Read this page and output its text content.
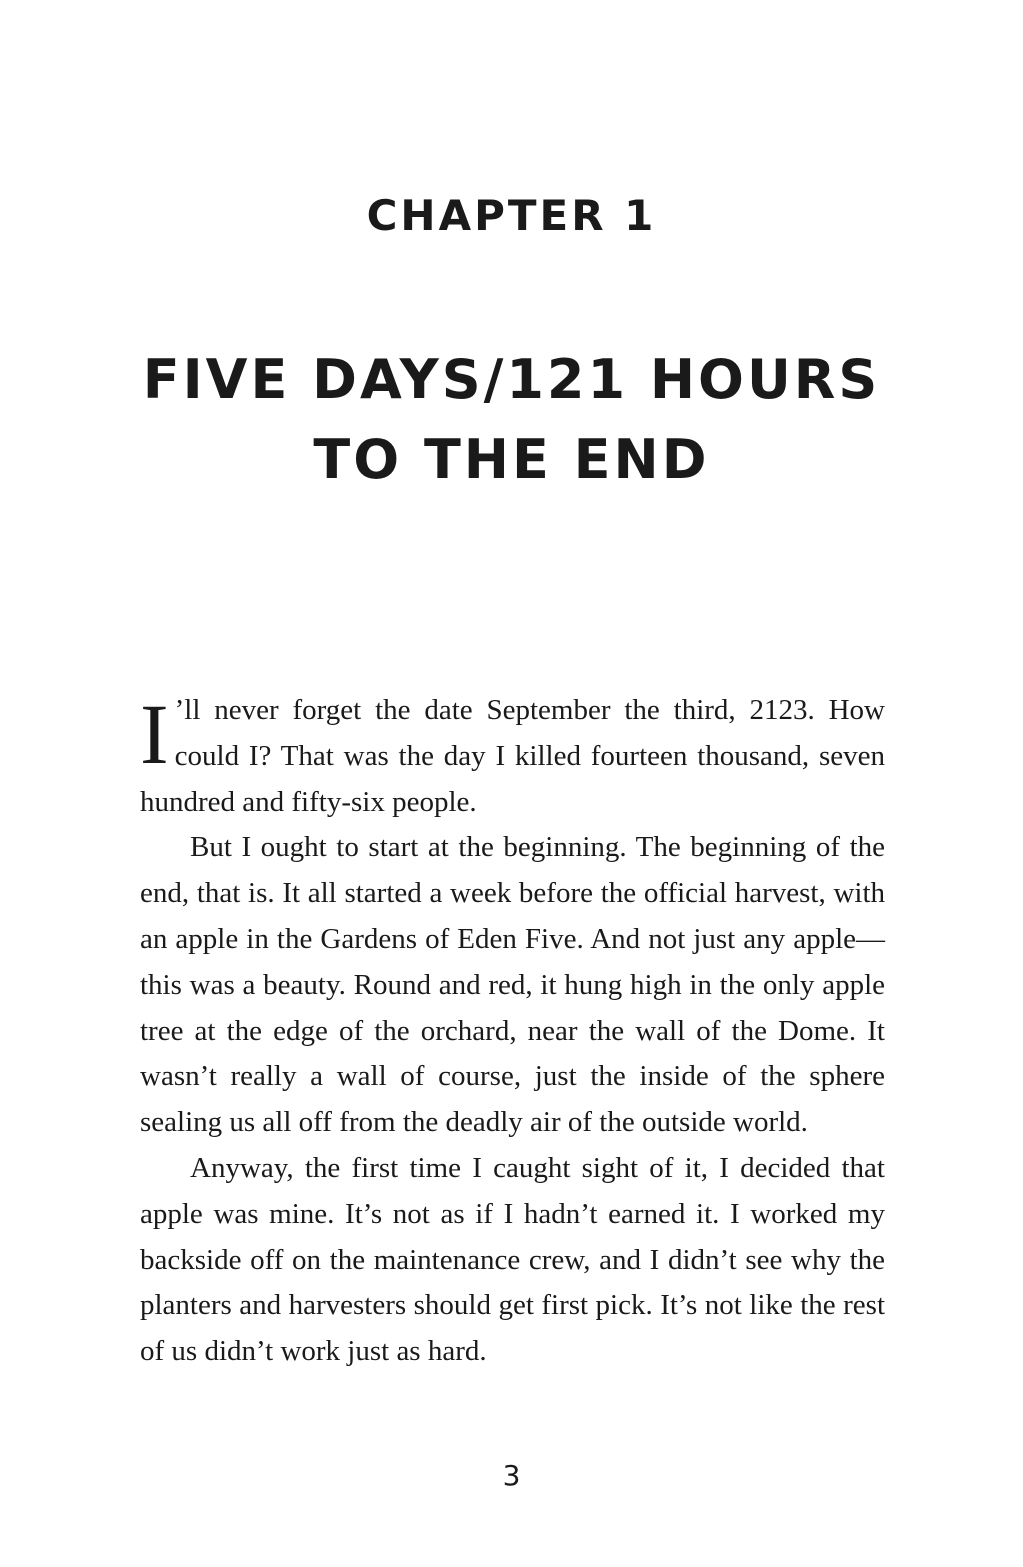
CHAPTER 1
FIVE DAYS/121 HOURS
TO THE END

I ’ll never forget the date September the third, 2123. How could I? That was the day I killed fourteen thousand, seven hundred and fifty-six people.

But I ought to start at the beginning. The beginning of the end, that is. It all started a week before the official harvest, with an apple in the Gardens of Eden Five. And not just any apple—this was a beauty. Round and red, it hung high in the only apple tree at the edge of the orchard, near the wall of the Dome. It wasn’t really a wall of course, just the inside of the sphere sealing us all off from the deadly air of the outside world.

Anyway, the first time I caught sight of it, I decided that apple was mine. It’s not as if I hadn’t earned it. I worked my backside off on the maintenance crew, and I didn’t see why the planters and harvesters should get first pick. It’s not like the rest of us didn’t work just as hard.

3
